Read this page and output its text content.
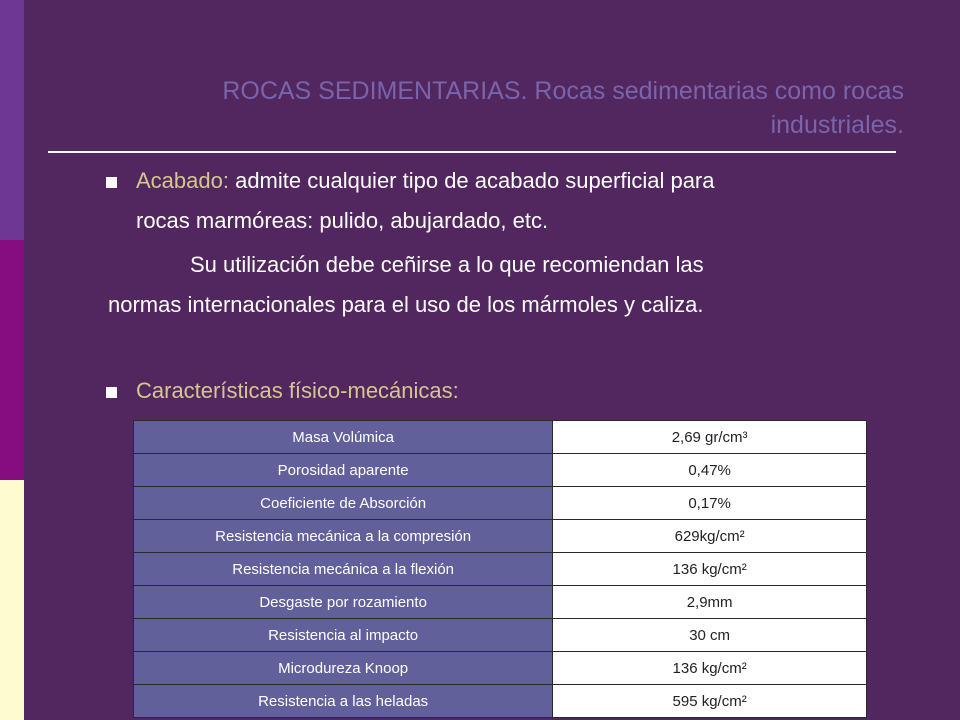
ROCAS SEDIMENTARIAS. Rocas sedimentarias como rocas
industriales.
Acabado: admite cualquier tipo de acabado superficial para
rocas marmóreas: pulido, abujardado, etc.
Su utilización debe ceñirse a lo que recomiendan las
normas internacionales para el uso de los mármoles y caliza.
Características físico-mecánicas:
Masa Volúmica	2,69 gr/cm³
Porosidad aparente	0,47%
Coeficiente de Absorción	0,17%
Resistencia mecánica a la compresión	629kg/cm²
Resistencia mecánica a la flexión	136 kg/cm²
Desgaste por rozamiento	2,9mm
Resistencia al impacto	30 cm
Microdureza Knoop	136 kg/cm²
Resistencia a las heladas	595 kg/cm²
